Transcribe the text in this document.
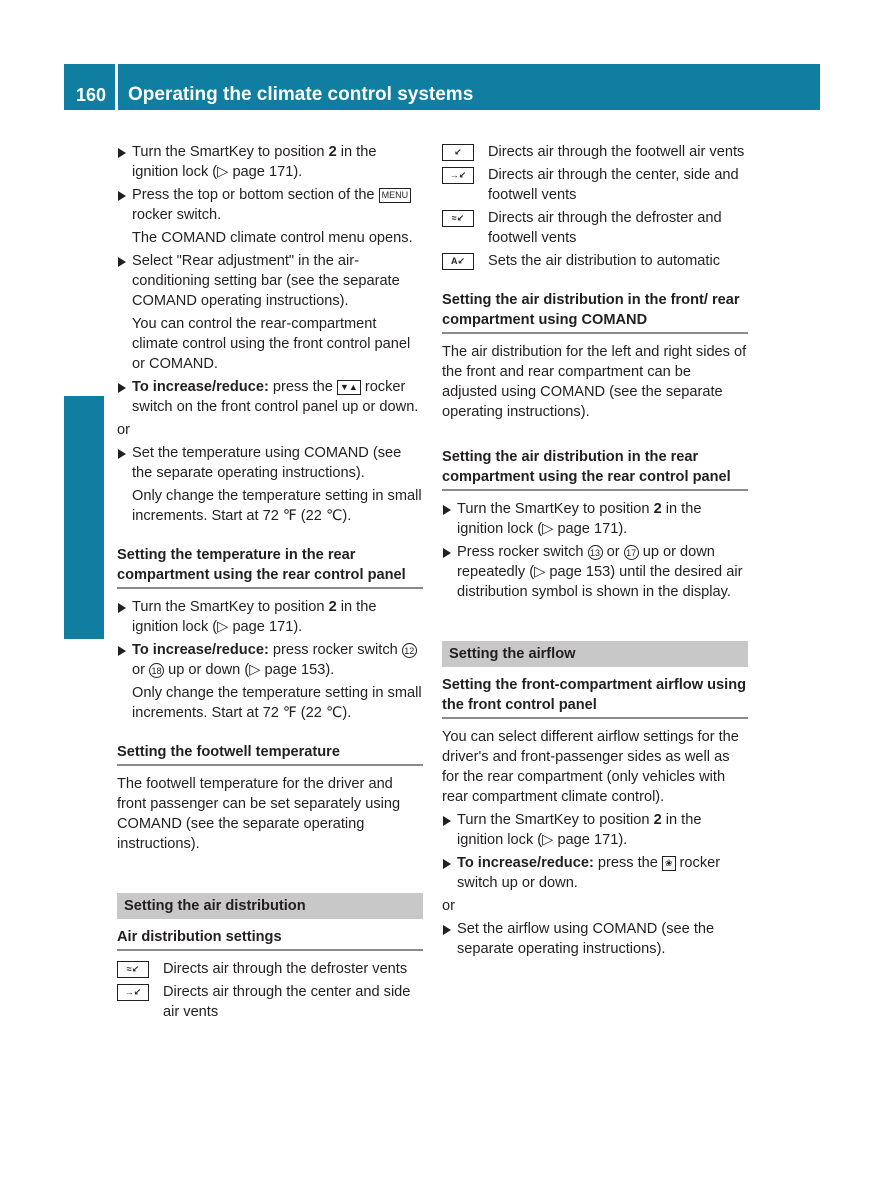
160 Operating the climate control systems
Climate control
Turn the SmartKey to position 2 in the ignition lock (▷ page 171).
Press the top or bottom section of the MENU rocker switch.
The COMAND climate control menu opens.
Select "Rear adjustment" in the air-conditioning setting bar (see the separate COMAND operating instructions).
You can control the rear-compartment climate control using the front control panel or COMAND.
To increase/reduce: press the ▼▲ rocker switch on the front control panel up or down.
or
Set the temperature using COMAND (see the separate operating instructions).
Only change the temperature setting in small increments. Start at 72 ℉ (22 ℃).
Setting the temperature in the rear compartment using the rear control panel
Turn the SmartKey to position 2 in the ignition lock (▷ page 171).
To increase/reduce: press rocker switch 12 or 18 up or down (▷ page 153).
Only change the temperature setting in small increments. Start at 72 ℉ (22 ℃).
Setting the footwell temperature
The footwell temperature for the driver and front passenger can be set separately using COMAND (see the separate operating instructions).
Setting the air distribution
Air distribution settings
≈↙	Directs air through the defroster vents
→↙	Directs air through the center and side air vents
↙	Directs air through the footwell air vents
→↙	Directs air through the center, side and footwell vents
≈↙	Directs air through the defroster and footwell vents
A↙	Sets the air distribution to automatic
Setting the air distribution in the front/ rear compartment using COMAND
The air distribution for the left and right sides of the front and rear compartment can be adjusted using COMAND (see the separate operating instructions).
Setting the air distribution in the rear compartment using the rear control panel
Turn the SmartKey to position 2 in the ignition lock (▷ page 171).
Press rocker switch 13 or 17 up or down repeatedly (▷ page 153) until the desired air distribution symbol is shown in the display.
Setting the airflow
Setting the front-compartment airflow using the front control panel
You can select different airflow settings for the driver's and front-passenger sides as well as for the rear compartment (only vehicles with rear compartment climate control).
Turn the SmartKey to position 2 in the ignition lock (▷ page 171).
To increase/reduce: press the ❀ rocker switch up or down.
or
Set the airflow using COMAND (see the separate operating instructions).
